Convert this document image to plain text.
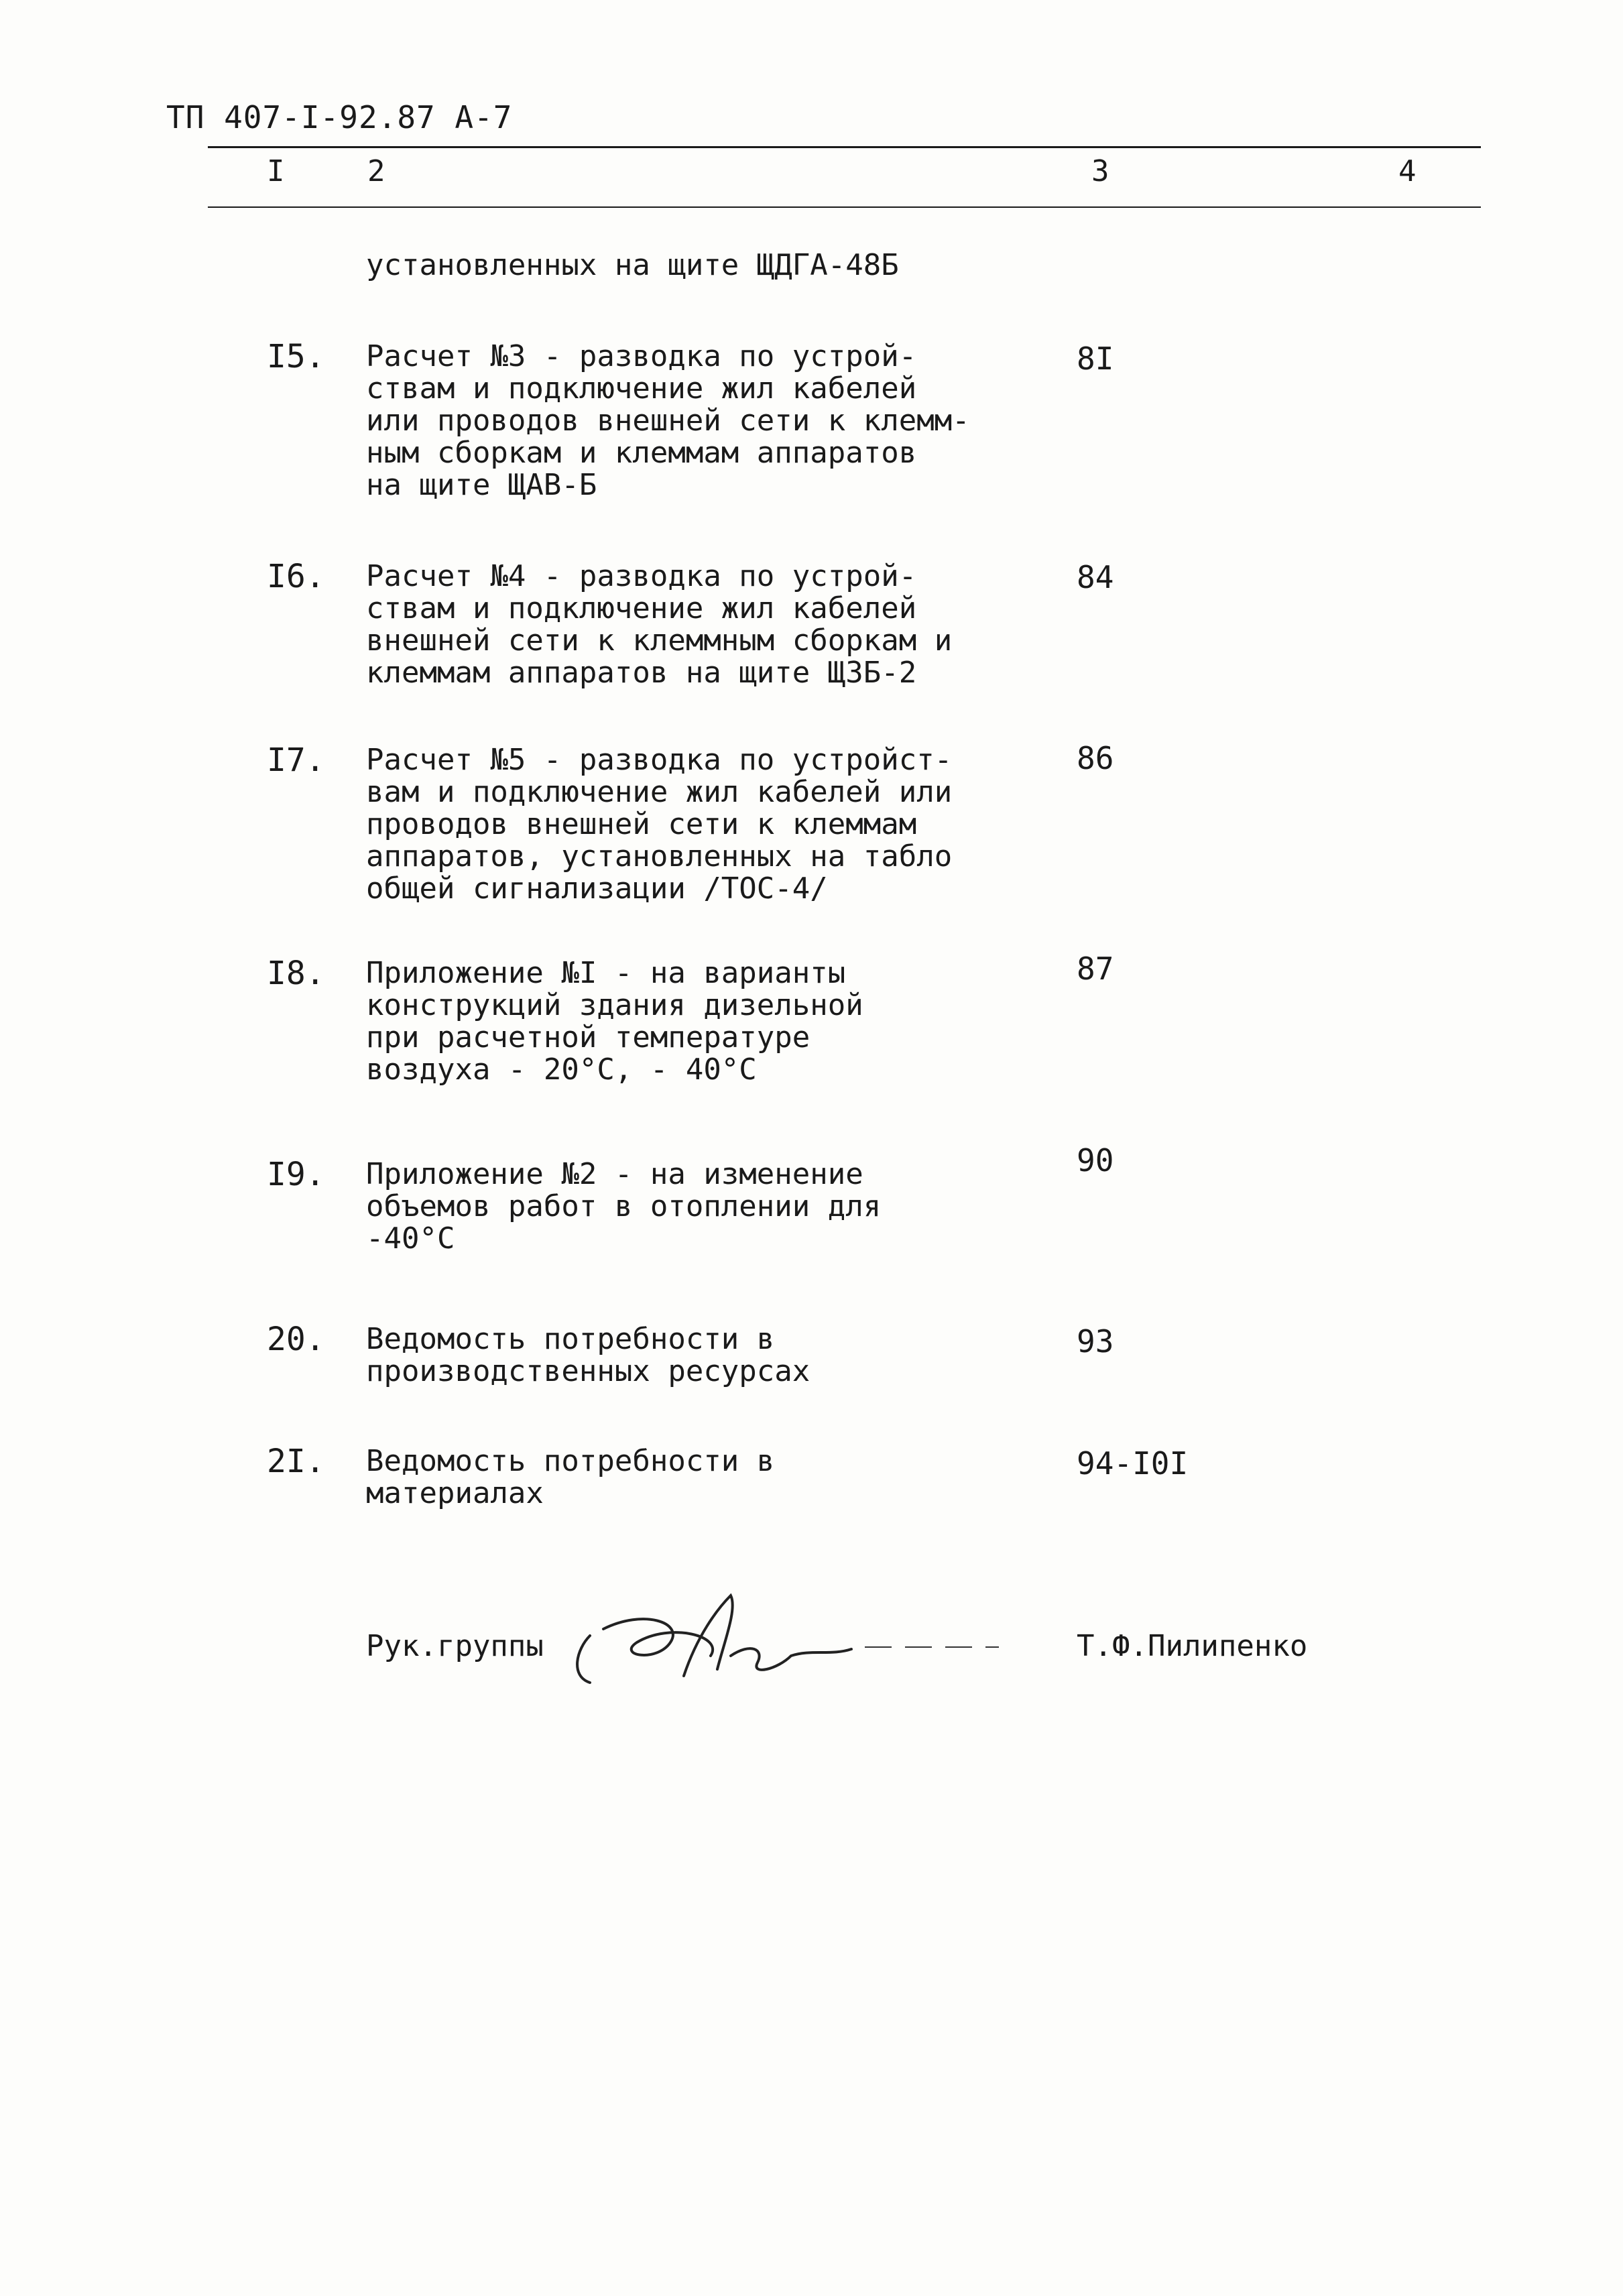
ТП 407-I-92.87 А-7
I	2	3	4
установленных на щите ЩДГА-48Б
I5. Расчет №3 - разводка по устрой-
ствам и подключение жил кабелей
или проводов внешней сети к клемм-
ным сборкам и клеммам аппаратов
на щите ЩАВ-Б
8I
I6. Расчет №4 - разводка по устрой-
ствам и подключение жил кабелей
внешней сети к клеммным сборкам и
клеммам аппаратов на щите ЩЗБ-2
84
I7. Расчет №5 - разводка по устройст-
вам и подключение жил кабелей или
проводов внешней сети к клеммам
аппаратов, установленных на табло
общей сигнализации /ТОС-4/
86
I8. Приложение №I - на варианты
конструкций здания дизельной
при расчетной температуре
воздуха - 20°С, - 40°С
87
I9. Приложение №2 - на изменение
объемов работ в отоплении для
-40°С
90
20. Ведомость потребности в
производственных ресурсах
93
2I. Ведомость потребности в
материалах
94-I0I
Рук.группы	Т.Ф.Пилипенко
